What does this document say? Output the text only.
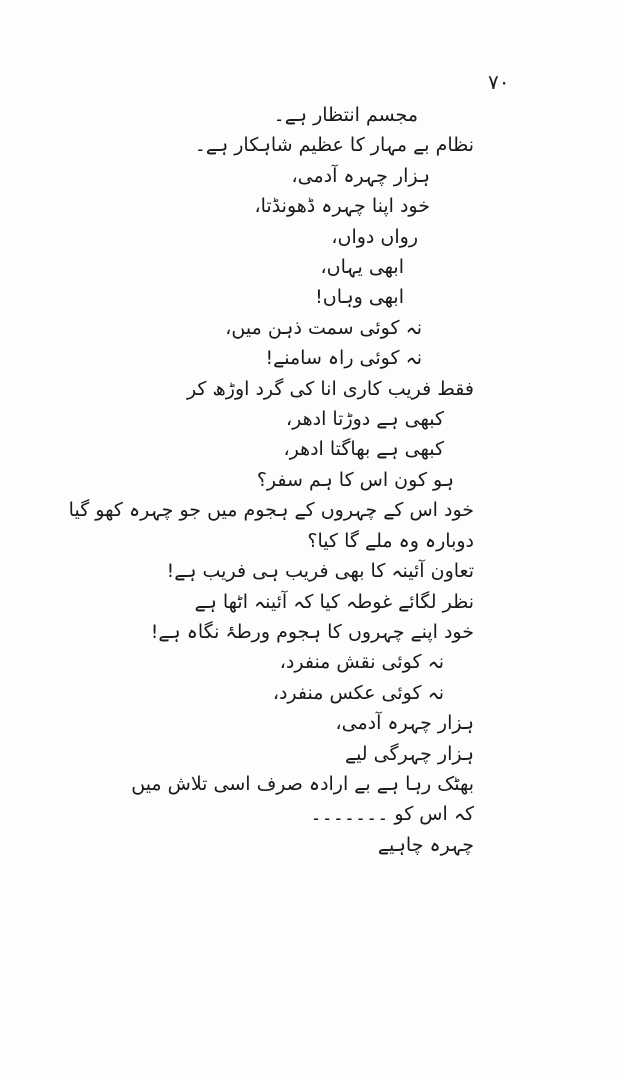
۷۰
مجسم انتظار ہے۔
نظام بے مہار کا عظیم شاہکار ہے۔
ہزار چہرہ آدمی،
خود اپنا چہرہ ڈھونڈتا،
رواں دواں،
ابھی یہاں،
ابھی وہاں!
نہ کوئی سمت ذہن میں،
نہ کوئی راہ سامنے!
فقط فریب کاری انا کی گرد اوڑھ کر
کبھی ہے دوڑتا ادھر،
کبھی ہے بھاگتا ادھر،
ہو کون اس کا ہم سفر؟
خود اس کے چہروں کے ہجوم میں جو چہرہ کھو گیا
دوبارہ وہ ملے گا کیا؟
تعاون آئینہ کا بھی فریب ہی فریب ہے!
نظر لگائے غوطہ کیا کہ آئینہ اٹھا ہے
خود اپنے چہروں کا ہجوم ورطۂ نگاہ ہے!
نہ کوئی نقش منفرد،
نہ کوئی عکس منفرد،
ہزار چہرہ آدمی،
ہزار چہرگی لیے
بھٹک رہا ہے بے ارادہ صرف اسی تلاش میں
کہ اس کو ۔۔۔۔۔۔۔
چہرہ چاہیے
